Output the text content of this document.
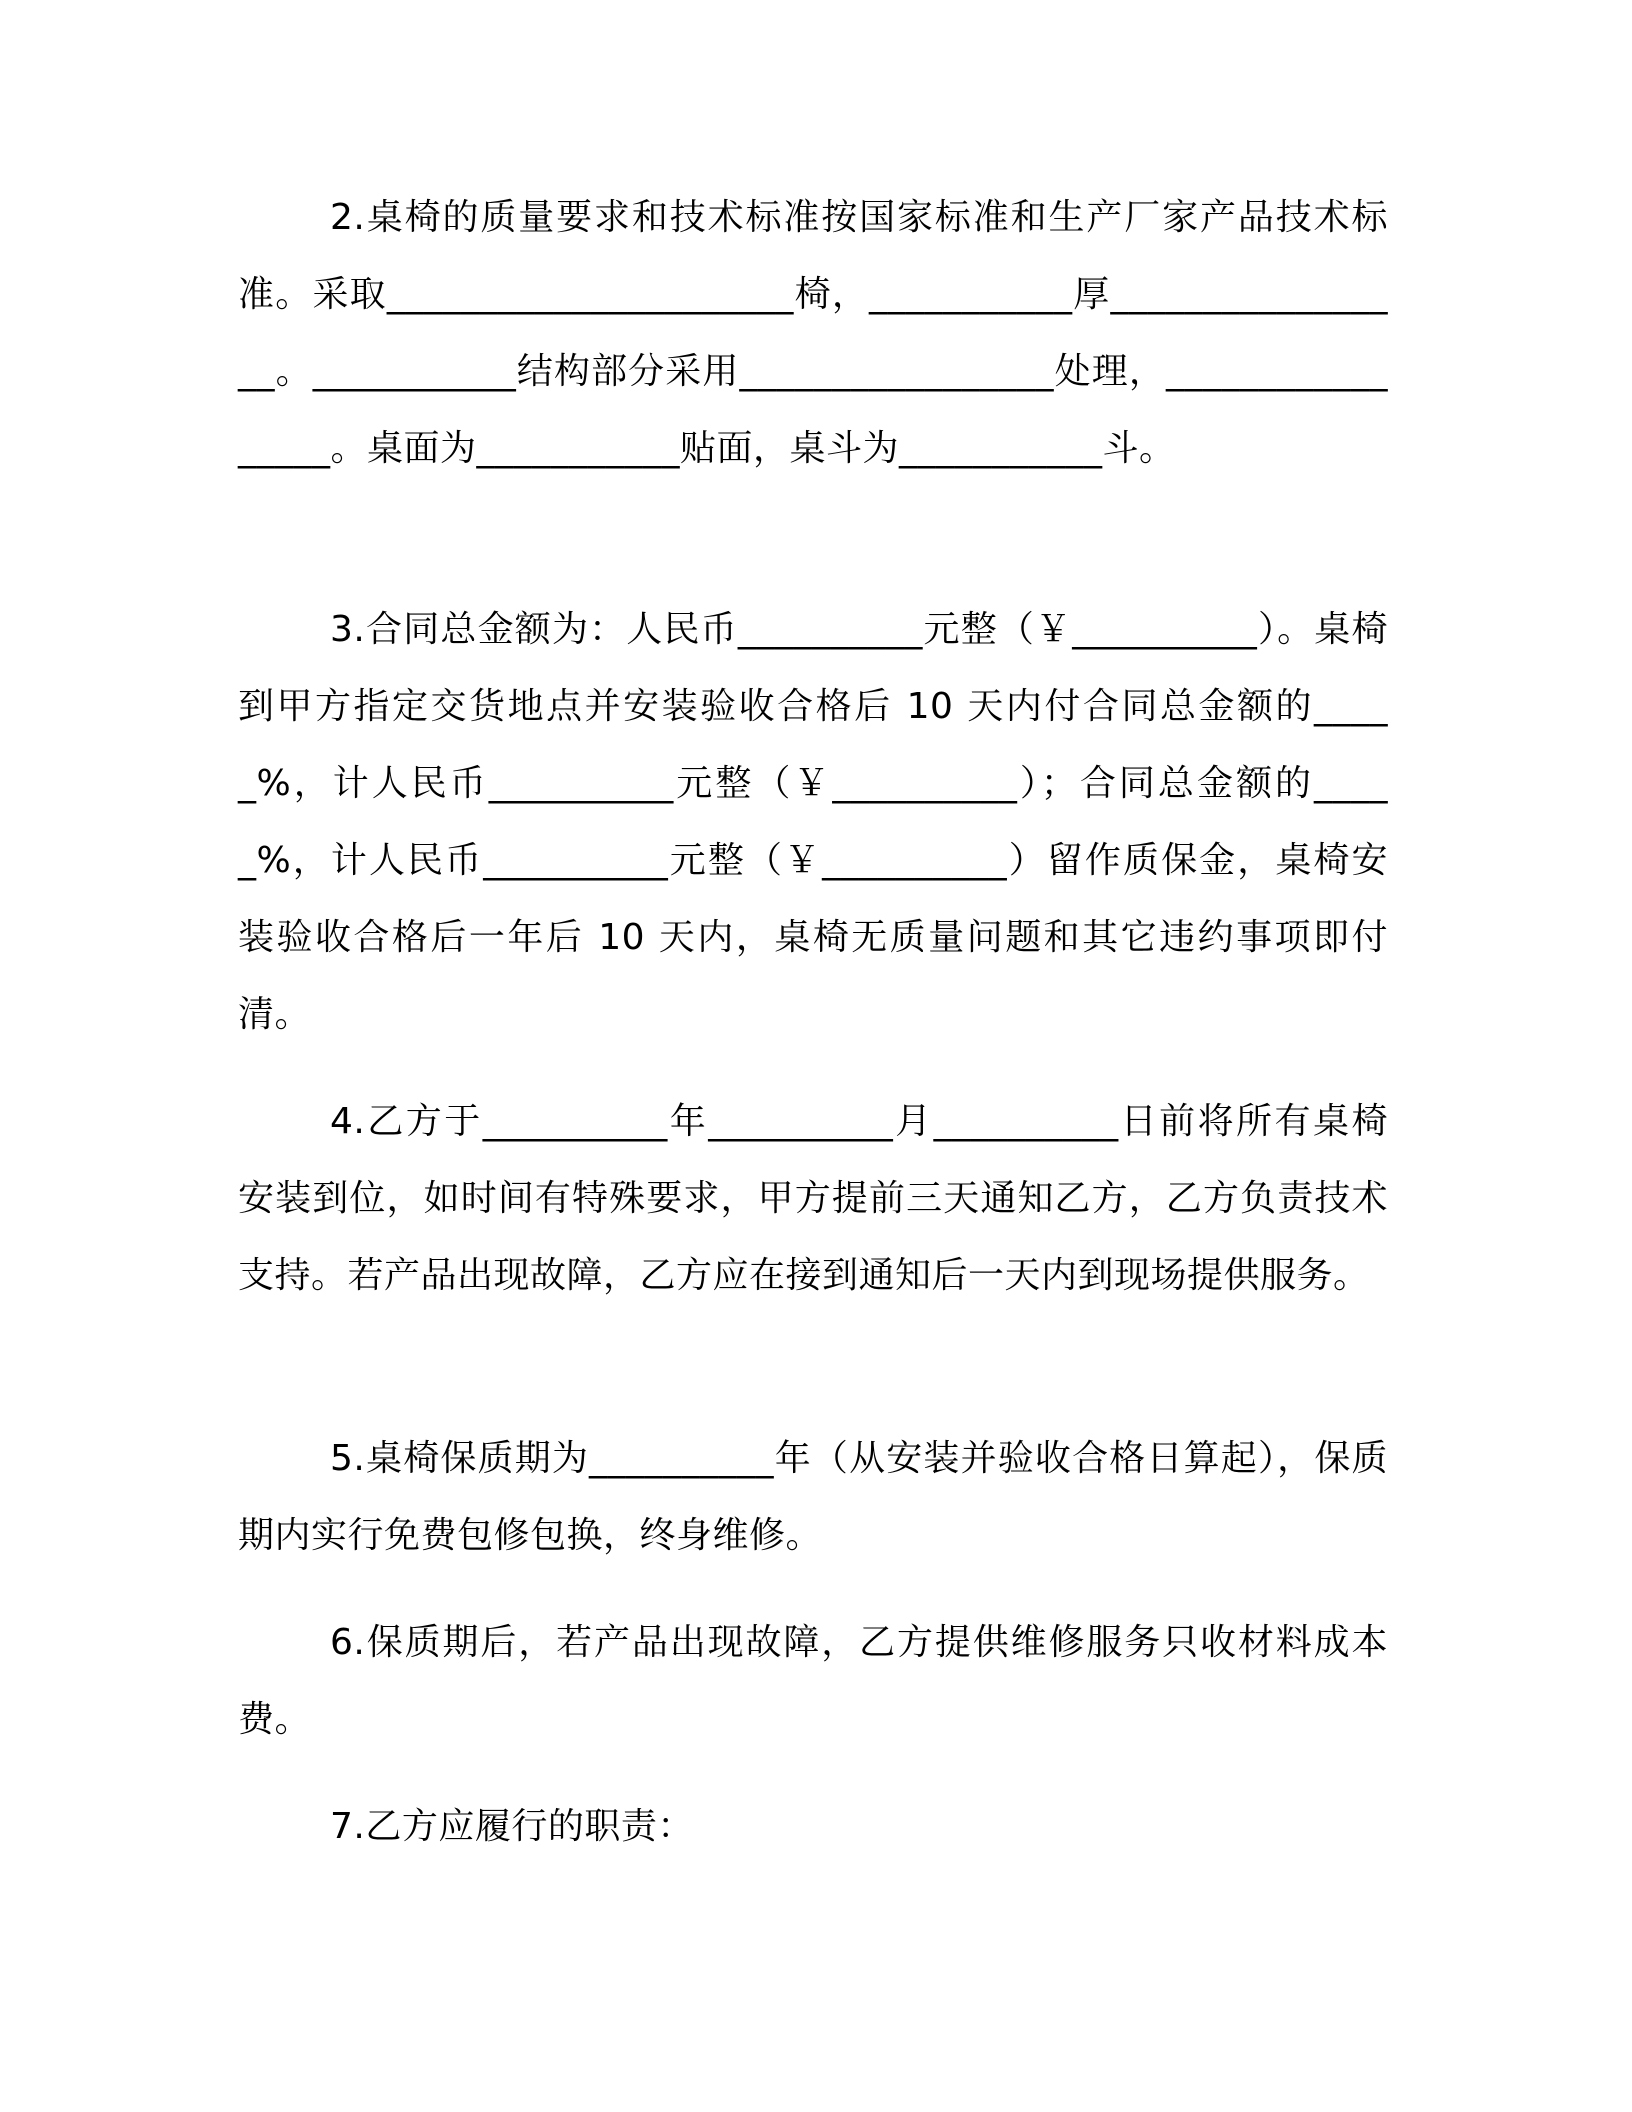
2.桌椅的质量要求和技术标准按国家标准和生产厂家产品技术标准。采取______________________椅，___________厚_________________。___________结构部分采用_________________处理，_________________。桌面为___________贴面，桌斗为___________斗。

3.合同总金额为：人民币__________元整（￥__________）。桌椅到甲方指定交货地点并安装验收合格后 10 天内付合同总金额的_____%，计人民币__________元整（￥__________）；合同总金额的_____%，计人民币__________元整（￥__________）留作质保金，桌椅安装验收合格后一年后 10 天内，桌椅无质量问题和其它违约事项即付清。

4.乙方于__________年__________月__________日前将所有桌椅安装到位，如时间有特殊要求，甲方提前三天通知乙方，乙方负责技术支持。若产品出现故障，乙方应在接到通知后一天内到现场提供服务。

5.桌椅保质期为__________年（从安装并验收合格日算起），保质期内实行免费包修包换，终身维修。

6.保质期后，若产品出现故障，乙方提供维修服务只收材料成本费。

7.乙方应履行的职责：
